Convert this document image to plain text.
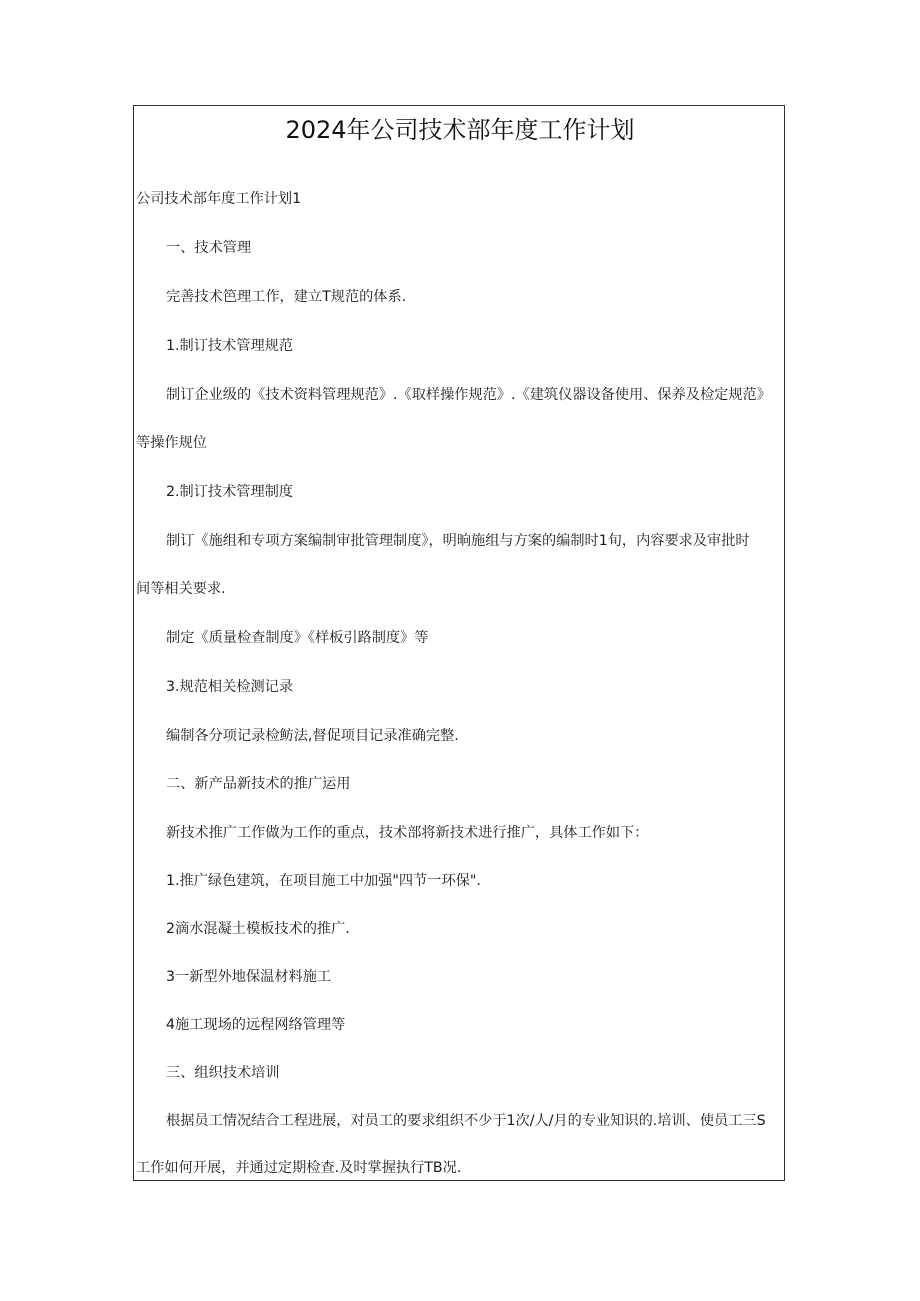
2024年公司技术部年度工作计划
公司技术部年度工作计划1
一、技术管理
完善技术笆理工作，建立T规范的体系.
1.制订技术管理规范
制订企业级的《技术资料管理规范》.《取样操作规范》.《建筑仪器设备使用、保养及检定规范》
等操作规位
2.制订技术管理制度
制订《施组和专项方案编制审批管理制度》，明晌施组与方案的编制时1旬，内容要求及审批时
间等相关要求.
制定《质量检查制度》《样板引路制度》等
3.规范相关检测记录
编制各分项记录检鲂法,督促项目记录准确完整.
二、新产品新技术的推广运用
新技术推广工作做为工作的重点，技术部将新技术进行推广，具体工作如下：
1.推广绿色建筑，在项目施工中加强"四节一环保".
2滴水混凝土模板技术的推广.
3一新型外地保温材料施工
4施工现场的远程网络管理等
三、组织技术培训
根据员工情况结合工程进展，对员工的要求组织不少于1次/人/月的专业知识的.培训、使员工三S
工作如何开展，并通过定期检查.及时掌握执行TB况.
